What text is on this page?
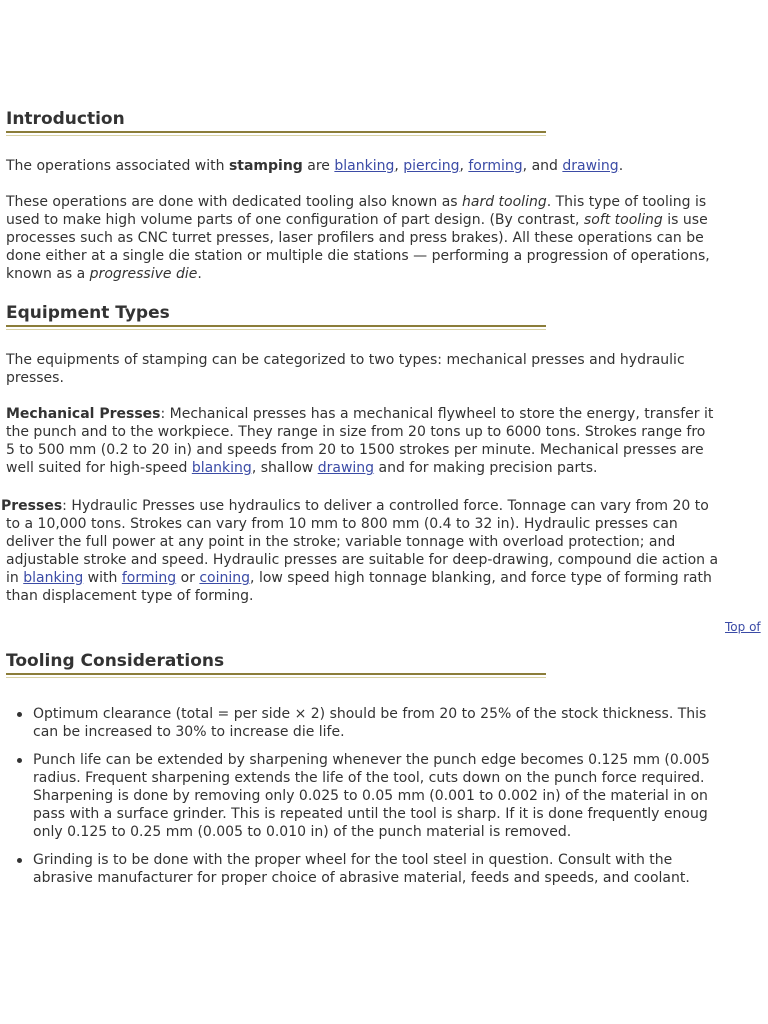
Introduction

The operations associated with stamping are blanking, piercing, forming, and drawing.

These operations are done with dedicated tooling also known as hard tooling. This type of tooling is
used to make high volume parts of one configuration of part design. (By contrast, soft tooling is use
processes such as CNC turret presses, laser profilers and press brakes). All these operations can be
done either at a single die station or multiple die stations — performing a progression of operations,
known as a progressive die.
Equipment Types
The equipments of stamping can be categorized to two types: mechanical presses and hydraulic
presses.
Mechanical Presses: Mechanical presses has a mechanical flywheel to store the energy, transfer it
the punch and to the workpiece. They range in size from 20 tons up to 6000 tons. Strokes range fro
5 to 500 mm (0.2 to 20 in) and speeds from 20 to 1500 strokes per minute. Mechanical presses are
well suited for high-speed blanking, shallow drawing and for making precision parts.
Presses: Hydraulic Presses use hydraulics to deliver a controlled force. Tonnage can vary from 20 to
to a 10,000 tons. Strokes can vary from 10 mm to 800 mm (0.4 to 32 in). Hydraulic presses can
deliver the full power at any point in the stroke; variable tonnage with overload protection; and
adjustable stroke and speed. Hydraulic presses are suitable for deep-drawing, compound die action a
in blanking with forming or coining, low speed high tonnage blanking, and force type of forming rath
than displacement type of forming.
Top of
Tooling Considerations
Optimum clearance (total = per side × 2) should be from 20 to 25% of the stock thickness. This
can be increased to 30% to increase die life.
Punch life can be extended by sharpening whenever the punch edge becomes 0.125 mm (0.005
radius. Frequent sharpening extends the life of the tool, cuts down on the punch force required.
Sharpening is done by removing only 0.025 to 0.05 mm (0.001 to 0.002 in) of the material in on
pass with a surface grinder. This is repeated until the tool is sharp. If it is done frequently enoug
only 0.125 to 0.25 mm (0.005 to 0.010 in) of the punch material is removed.
Grinding is to be done with the proper wheel for the tool steel in question. Consult with the
abrasive manufacturer for proper choice of abrasive material, feeds and speeds, and coolant.
